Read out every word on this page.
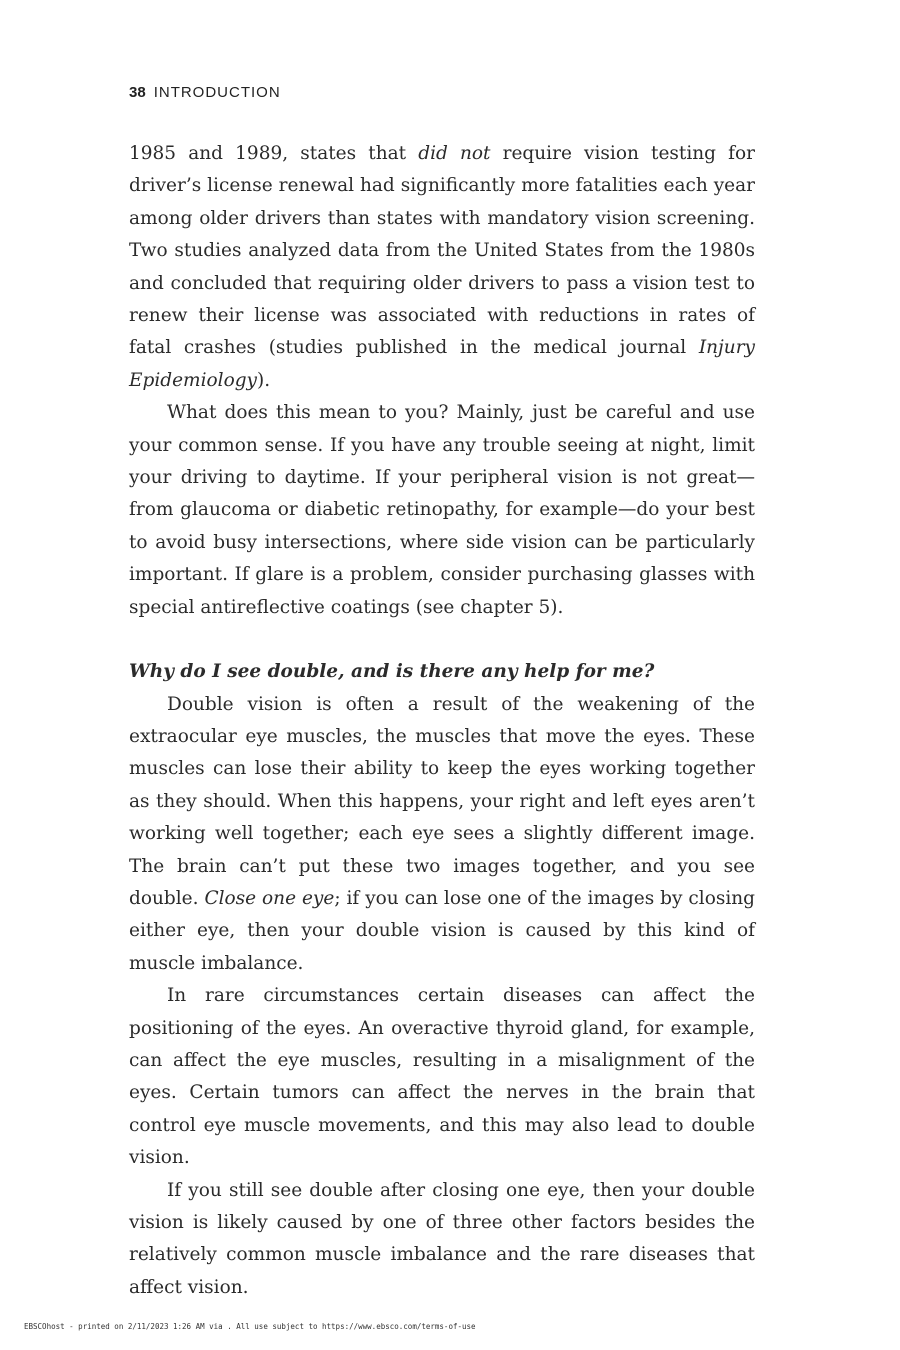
38 INTRODUCTION

1985 and 1989, states that did not require vision testing for driver’s license renewal had significantly more fatalities each year among older drivers than states with mandatory vision screening. Two studies analyzed data from the United States from the 1980s and concluded that requiring older drivers to pass a vision test to renew their license was associated with reductions in rates of fatal crashes (studies published in the medical journal Injury Epidemiology).

What does this mean to you? Mainly, just be careful and use your common sense. If you have any trouble seeing at night, limit your driving to daytime. If your peripheral vision is not great—from glaucoma or diabetic retinopathy, for example—do your best to avoid busy intersections, where side vision can be particularly important. If glare is a problem, consider purchasing glasses with special antireflective coatings (see chapter 5).

Why do I see double, and is there any help for me?

Double vision is often a result of the weakening of the extraocular eye muscles, the muscles that move the eyes. These muscles can lose their ability to keep the eyes working together as they should. When this happens, your right and left eyes aren’t working well together; each eye sees a slightly different image. The brain can’t put these two images together, and you see double. Close one eye; if you can lose one of the images by closing either eye, then your double vision is caused by this kind of muscle imbalance.

In rare circumstances certain diseases can affect the positioning of the eyes. An overactive thyroid gland, for example, can affect the eye muscles, resulting in a misalignment of the eyes. Certain tumors can affect the nerves in the brain that control eye muscle movements, and this may also lead to double vision.

If you still see double after closing one eye, then your double vision is likely caused by one of three other factors besides the relatively common muscle imbalance and the rare diseases that affect vision.

EBSCOhost - printed on 2/11/2023 1:26 AM via . All use subject to https://www.ebsco.com/terms-of-use
